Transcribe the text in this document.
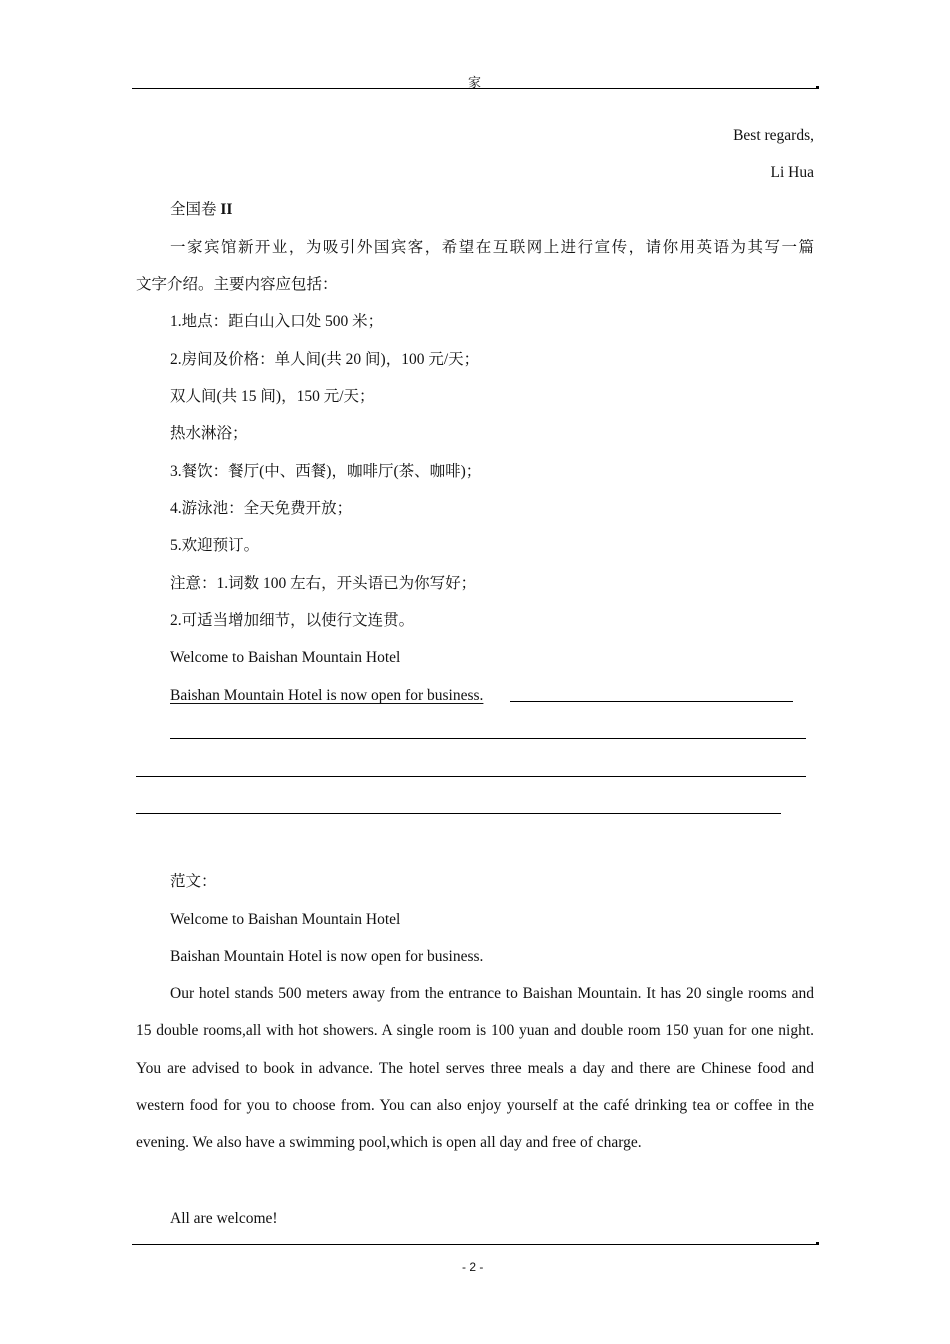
家
Best regards,
Li Hua
全国卷 II
一家宾馆新开业，为吸引外国宾客，希望在互联网上进行宣传，请你用英语为其写一篇
文字介绍。主要内容应包括：
1.地点：距白山入口处 500 米；
2.房间及价格：单人间(共 20 间)，100 元/天；
双人间(共 15 间)，150 元/天；
热水淋浴；
3.餐饮：餐厅(中、西餐)，咖啡厅(茶、咖啡)；
4.游泳池：全天免费开放；
5.欢迎预订。
注意：1.词数 100 左右，开头语已为你写好；
2.可适当增加细节，以使行文连贯。
Welcome to Baishan Mountain Hotel
Baishan Mountain Hotel is now open for business.
范文：
Welcome to Baishan Mountain Hotel
Baishan Mountain Hotel is now open for business.
Our hotel stands 500 meters away from the entrance to Baishan Mountain. It has 20 single rooms and 15 double rooms,all with hot showers. A single room is 100 yuan and double room 150 yuan for one night. You are advised to book in advance. The hotel serves three meals a day and there are Chinese food and western food for you to choose from. You can also enjoy yourself at the café drinking tea or coffee in the evening. We also have a swimming pool,which is open all day and free of charge.
All are welcome!
- 2 -
